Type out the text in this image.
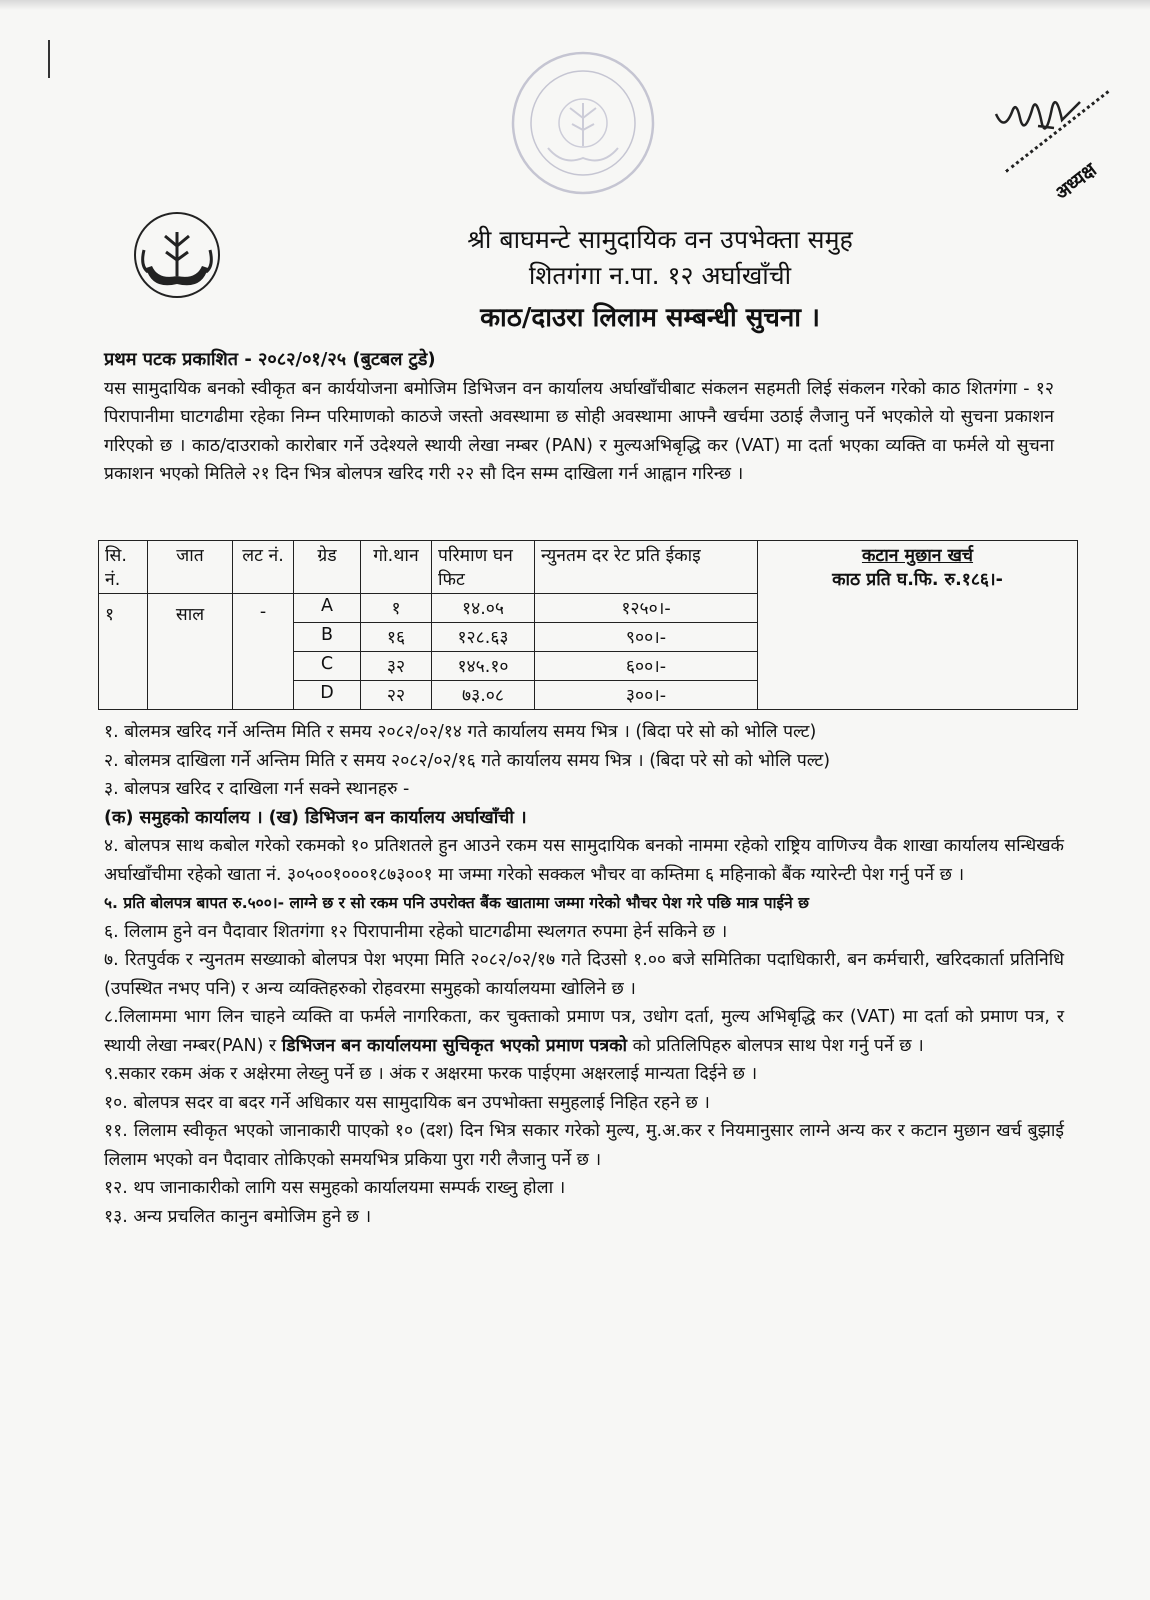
अध्यक्ष
श्री बाघमन्टे सामुदायिक वन उपभेक्ता समुह
शितगंगा न.पा. १२ अर्घाखाँची
काठ/दाउरा लिलाम सम्बन्धी सुचना ।
प्रथम पटक प्रकाशित - २०८२/०१/२५ (बुटबल टुडे)
यस सामुदायिक बनको स्वीकृत बन कार्ययोजना बमोजिम डिभिजन वन कार्यालय अर्घाखाँचीबाट संकलन सहमती लिई संकलन गरेको काठ शितगंगा - १२ पिरापानीमा घाटगढीमा रहेका निम्न परिमाणको काठजे जस्तो अवस्थामा छ सोही अवस्थामा आफ्नै खर्चमा उठाई लैजानु पर्ने भएकोले यो सुचना प्रकाशन गरिएको छ । काठ/दाउराको कारोबार गर्ने उदेश्यले स्थायी लेखा नम्बर (PAN) र मुल्यअभिबृद्धि कर (VAT) मा दर्ता भएका व्यक्ति वा फर्मले यो सुचना प्रकाशन भएको मितिले २१ दिन भित्र बोलपत्र खरिद गरी २२ सौ दिन सम्म दाखिला गर्न आह्वान गरिन्छ ।
सि. नं.	जात	लट नं.	ग्रेड	गो.थान	परिमाण घन फिट	न्युनतम दर रेट प्रति ईकाइ	कटान मुछान खर्च
काठ प्रति घ.फि. रु.१८६।-

१	साल	-	A	१	१४.०५	१२५०।-	
			B	१६	१२८.६३	९००।-	
			C	३२	१४५.१०	६००।-	
			D	२२	७३.०८	३००।-	

१. बोलमत्र खरिद गर्ने अन्तिम मिति र समय २०८२/०२/१४ गते कार्यालय समय भित्र । (बिदा परे सो को भोलि पल्ट)

२. बोलमत्र दाखिला गर्ने अन्तिम मिति र समय २०८२/०२/१६ गते कार्यालय समय भित्र । (बिदा परे सो को भोलि पल्ट)

३. बोलपत्र खरिद र दाखिला गर्न सक्ने स्थानहरु -

(क) समुहको कार्यालय । (ख) डिभिजन बन कार्यालय अर्घाखाँची ।

४. बोलपत्र साथ कबोल गरेको रकमको १० प्रतिशतले हुन आउने रकम यस सामुदायिक बनको नाममा रहेको राष्ट्रिय वाणिज्य वैक शाखा कार्यालय सन्धिखर्क अर्घाखाँचीमा रहेको खाता नं. ३०५००१०००१८७३००१ मा जम्मा गरेको सक्कल भौचर वा कम्तिमा ६ महिनाको बैंक ग्यारेन्टी पेश गर्नु पर्ने छ ।

५. प्रति बोलपत्र बापत रु.५००।- लाग्ने छ र सो रकम पनि उपरोक्त बैंक खातामा जम्मा गरेको भौचर पेश गरे पछि मात्र पाईने छ

६. लिलाम हुने वन पैदावार शितगंगा १२ पिरापानीमा रहेको घाटगढीमा स्थलगत रुपमा हेर्न सकिने छ ।

७. रितपुर्वक र न्युनतम सख्याको बोलपत्र पेश भएमा मिति २०८२/०२/१७ गते दिउसो १.०० बजे समितिका पदाधिकारी, बन कर्मचारी, खरिदकार्ता प्रतिनिधि (उपस्थित नभए पनि) र अन्य व्यक्तिहरुको रोहवरमा समुहको कार्यालयमा खोलिने छ ।

८.लिलाममा भाग लिन चाहने व्यक्ति वा फर्मले नागरिकता, कर चुक्ताको प्रमाण पत्र, उधोग दर्ता, मुल्य अभिबृद्धि कर (VAT) मा दर्ता को प्रमाण पत्र, र स्थायी लेखा नम्बर(PAN) र डिभिजन बन कार्यालयमा सुचिकृत भएको प्रमाण पत्रको को प्रतिलिपिहरु बोलपत्र साथ पेश गर्नु पर्ने छ ।

९.सकार रकम अंक र अक्षेरमा लेख्नु पर्ने छ । अंक र अक्षरमा फरक पाईएमा अक्षरलाई मान्यता दिईने छ ।

१०. बोलपत्र सदर वा बदर गर्ने अधिकार यस सामुदायिक बन उपभोक्ता समुहलाई निहित रहने छ ।

११. लिलाम स्वीकृत भएको जानाकारी पाएको १० (दश) दिन भित्र सकार गरेको मुल्य, मु.अ.कर र नियमानुसार लाग्ने अन्य कर र कटान मुछान खर्च बुझाई लिलाम भएको वन पैदावार तोकिएको समयभित्र प्रकिया पुरा गरी लैजानु पर्ने छ ।

१२. थप जानाकारीको लागि यस समुहको कार्यालयमा सम्पर्क राख्नु होला ।

१३. अन्य प्रचलित कानुन बमोजिम हुने छ ।
